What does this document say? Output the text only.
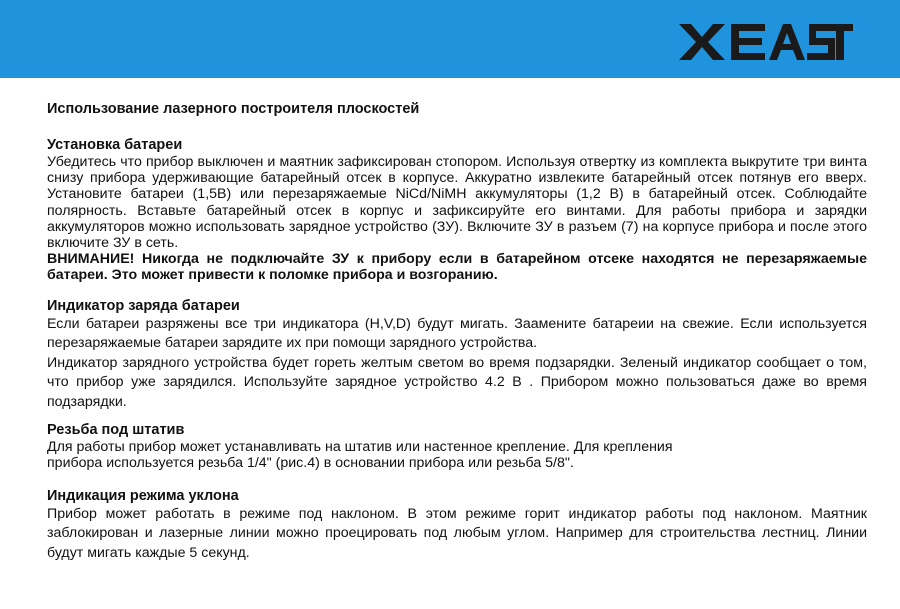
Использование лазерного построителя плоскостей
Установка батареи
Убедитесь что прибор выключен и маятник зафиксирован стопором. Используя отвертку из комплекта выкрутите три винта снизу прибора удерживающие батарейный отсек в корпусе. Аккуратно извлеките батарейный отсек потянув его вверх. Установите батареи (1,5В) или перезаряжаемые NiCd/NiMH аккумуляторы (1,2 В) в батарейный отсек. Соблюдайте полярность. Вставьте батарейный отсек в корпус и зафиксируйте его винтами. Для работы прибора и зарядки аккумуляторов можно использовать зарядное устройство (ЗУ). Включите ЗУ в разъем (7) на корпусе прибора и после этого включите ЗУ в сеть.
ВНИМАНИЕ! Никогда не подключайте ЗУ к прибору если в батарейном отсеке находятся не перезаряжаемые батареи. Это может привести к поломке прибора и возгоранию.
Индикатор заряда батареи
Если батареи разряжены все три индикатора (H,V,D) будут мигать. Заамените батареии на свежие. Если используется перезаряжаемые батареи зарядите их при помощи зарядного устройства.
Индикатор зарядного устройства будет гореть желтым светом во время подзарядки. Зеленый индикатор сообщает о том, что прибор уже зарядился. Используйте зарядное устройство 4.2 В . Прибором можно пользоваться даже во время подзарядки.
Резьба под штатив
Для работы прибор может устанавливать на штатив или настенное крепление. Для крепления
прибора используется резьба 1/4" (рис.4) в основании прибора или резьба 5/8".
Индикация режима уклона
Прибор может работать в режиме под наклоном. В этом режиме горит индикатор работы под наклоном. Маятник заблокирован и лазерные линии можно проецировать под любым углом. Например для строительства лестниц. Линии будут мигать каждые 5 секунд.
